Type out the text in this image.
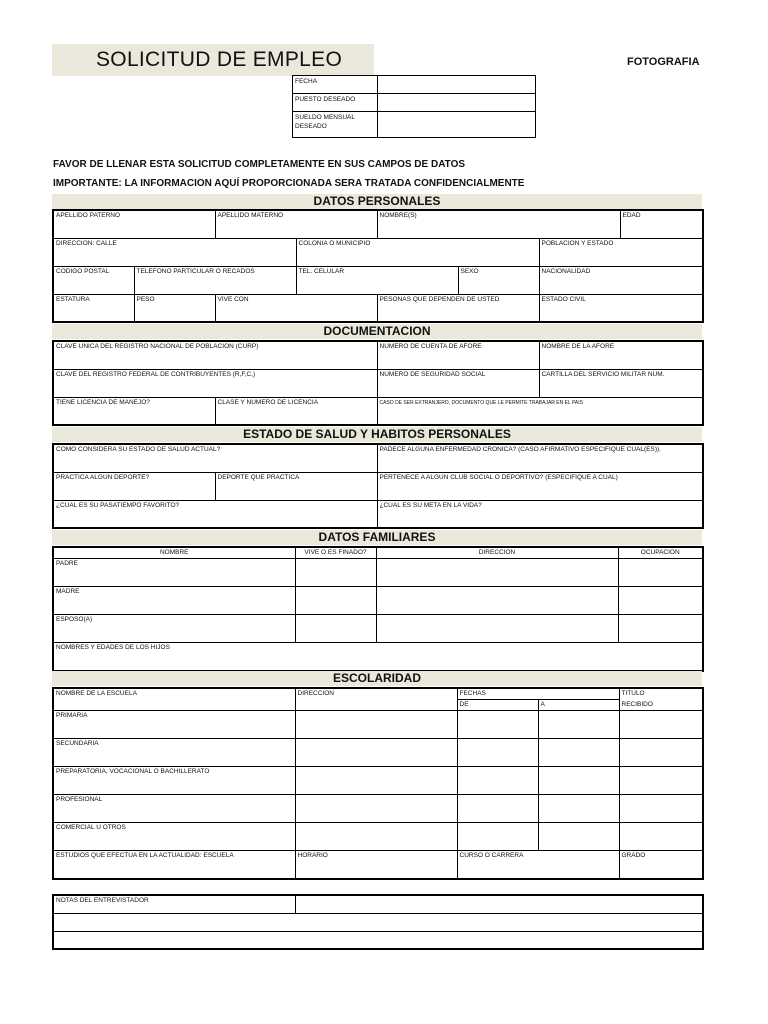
SOLICITUD DE EMPLEO	FOTOGRAFIA
FECHA	
PUESTO DESEADO	
SUELDO MENSUAL DESEADO	
FAVOR DE LLENAR ESTA SOLICITUD COMPLETAMENTE EN SUS CAMPOS DE DATOS
IMPORTANTE: LA INFORMACION AQUÍ PROPORCIONADA SERA TRATADA CONFIDENCIALMENTE
DATOS PERSONALES
APELLIDO PATERNO		APELLIDO MATERNO		NOMBRE(S)			EDAD
DIRECCION: CALLE			COLONIA O MUNICIPIO			POBLACION Y ESTADO	
CODIGO POSTAL	TELEFONO PARTICULAR O RECADOS		TEL. CELULAR		SEXO	NACIONALIDAD	
ESTATURA	PESO	VIVE CON		PESONAS QUE DEPENDEN DE USTED		ESTADO CIVIL	
DOCUMENTACION
CLAVE UNICA DEL REGISTRO NACIONAL DE POBLACION (CURP)		NUMERO DE CUENTA DE AFORE	NOMBRE DE LA AFORE
CLAVE DEL REGISTRO FEDERAL DE CONTRIBUYENTES (R,F,C,)		NUMERO DE SEGURIDAD SOCIAL	CARTILLA DEL SERVICIO MILITAR NUM.
TIENE LICENCIA DE MANEJO?	CLASE Y NUMERO DE LICENCIA	CASO DE SER EXTRANJERO, DOCUMENTO QUE LE PERMITE TRABAJAR EN EL PAIS	
ESTADO DE SALUD Y HABITOS PERSONALES
COMO CONSIDERA SU ESTADO DE SALUD ACTUAL?		PADECE ALGUNA ENFERMEDAD CRONICA? (CASO AFIRMATIVO ESPECIFIQUE CUAL(ES)).
PRACTICA ALGUN DEPORTE?	DEPORTE QUE PRACTICA	PERTENECE A ALGUN CLUB SOCIAL O DEPORTIVO? (ESPECIFIQUE A CUAL)
¿CUAL ES SU PASATIEMPO FAVORITO?		¿CUAL ES SU META EN LA VIDA?
DATOS FAMILIARES
NOMBRE	VIVE O ES FINADO?	DIRECCION	OCUPACION
PADRE			
MADRE			
ESPOSO(A)			
NOMBRES Y EDADES DE LOS HIJOS			
ESCOLARIDAD
NOMBRE DE LA ESCUELA	DIRECCION	FECHAS		TITULO
		DE	A	RECIBIDO
PRIMARIA				
SECUNDARIA				
PREPARATORIA, VOCACIONAL O BACHILLERATO				
PROFESIONAL				
COMERCIAL U OTROS				
ESTUDIOS QUE EFECTUA EN LA ACTUALIDAD: ESCUELA	HORARIO	CURSO O CARRERA		GRADO
NOTAS DEL ENTREVISTADOR	
